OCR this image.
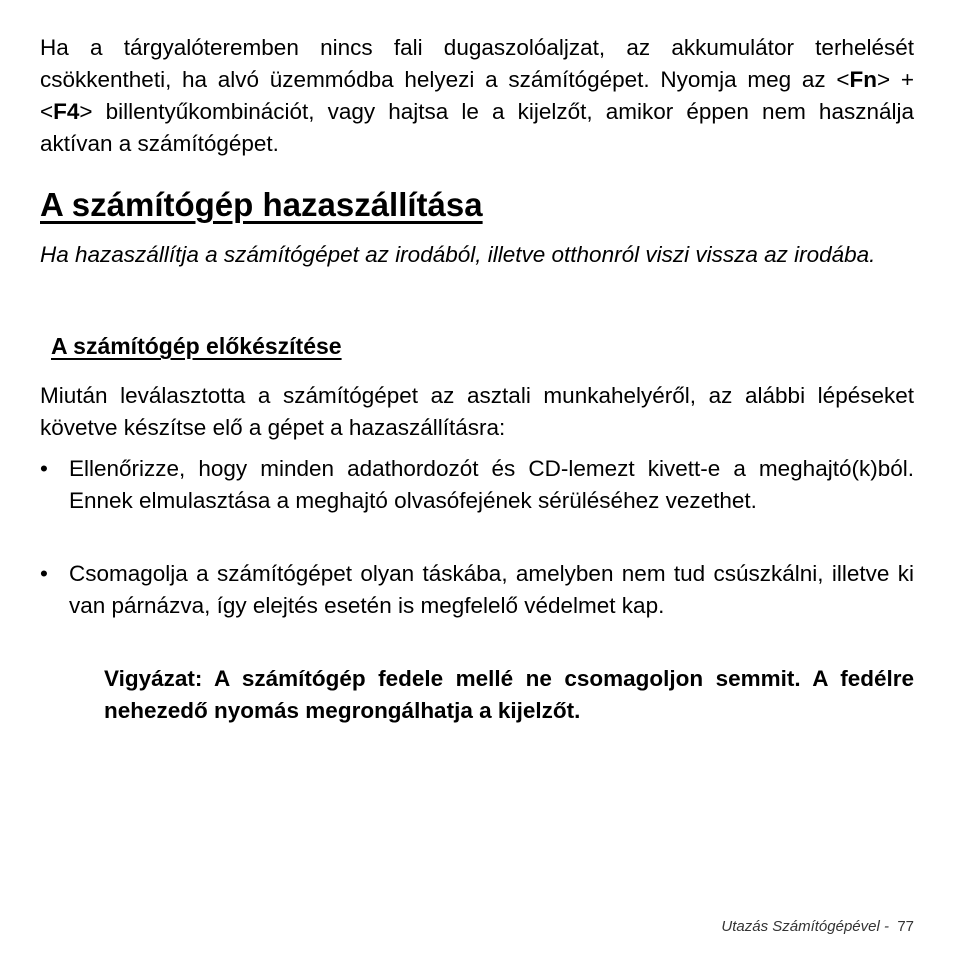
Ha a tárgyalóteremben nincs fali dugaszolóaljzat, az akkumulátor terhelését csökkentheti, ha alvó üzemmódba helyezi a számítógépet. Nyomja meg az <Fn> + <F4> billentyűkombinációt, vagy hajtsa le a kijelzőt, amikor éppen nem használja aktívan a számítógépet.

A számítógép hazaszállítása

Ha hazaszállítja a számítógépet az irodából, illetve otthonról viszi vissza az irodába.

A számítógép előkészítése

Miután leválasztotta a számítógépet az asztali munkahelyéről, az alábbi lépéseket követve készítse elő a gépet a hazaszállításra:

• Ellenőrizze, hogy minden adathordozót és CD-lemezt kivett-e a meghajtó(k)ból. Ennek elmulasztása a meghajtó olvasófejének sérüléséhez vezethet.
• Csomagolja a számítógépet olyan táskába, amelyben nem tud csúszkálni, illetve ki van párnázva, így elejtés esetén is megfelelő védelmet kap.

Vigyázat: A számítógép fedele mellé ne csomagoljon semmit. A fedélre nehezedő nyomás megrongálhatja a kijelzőt.

Utazás Számítógépével - 77
